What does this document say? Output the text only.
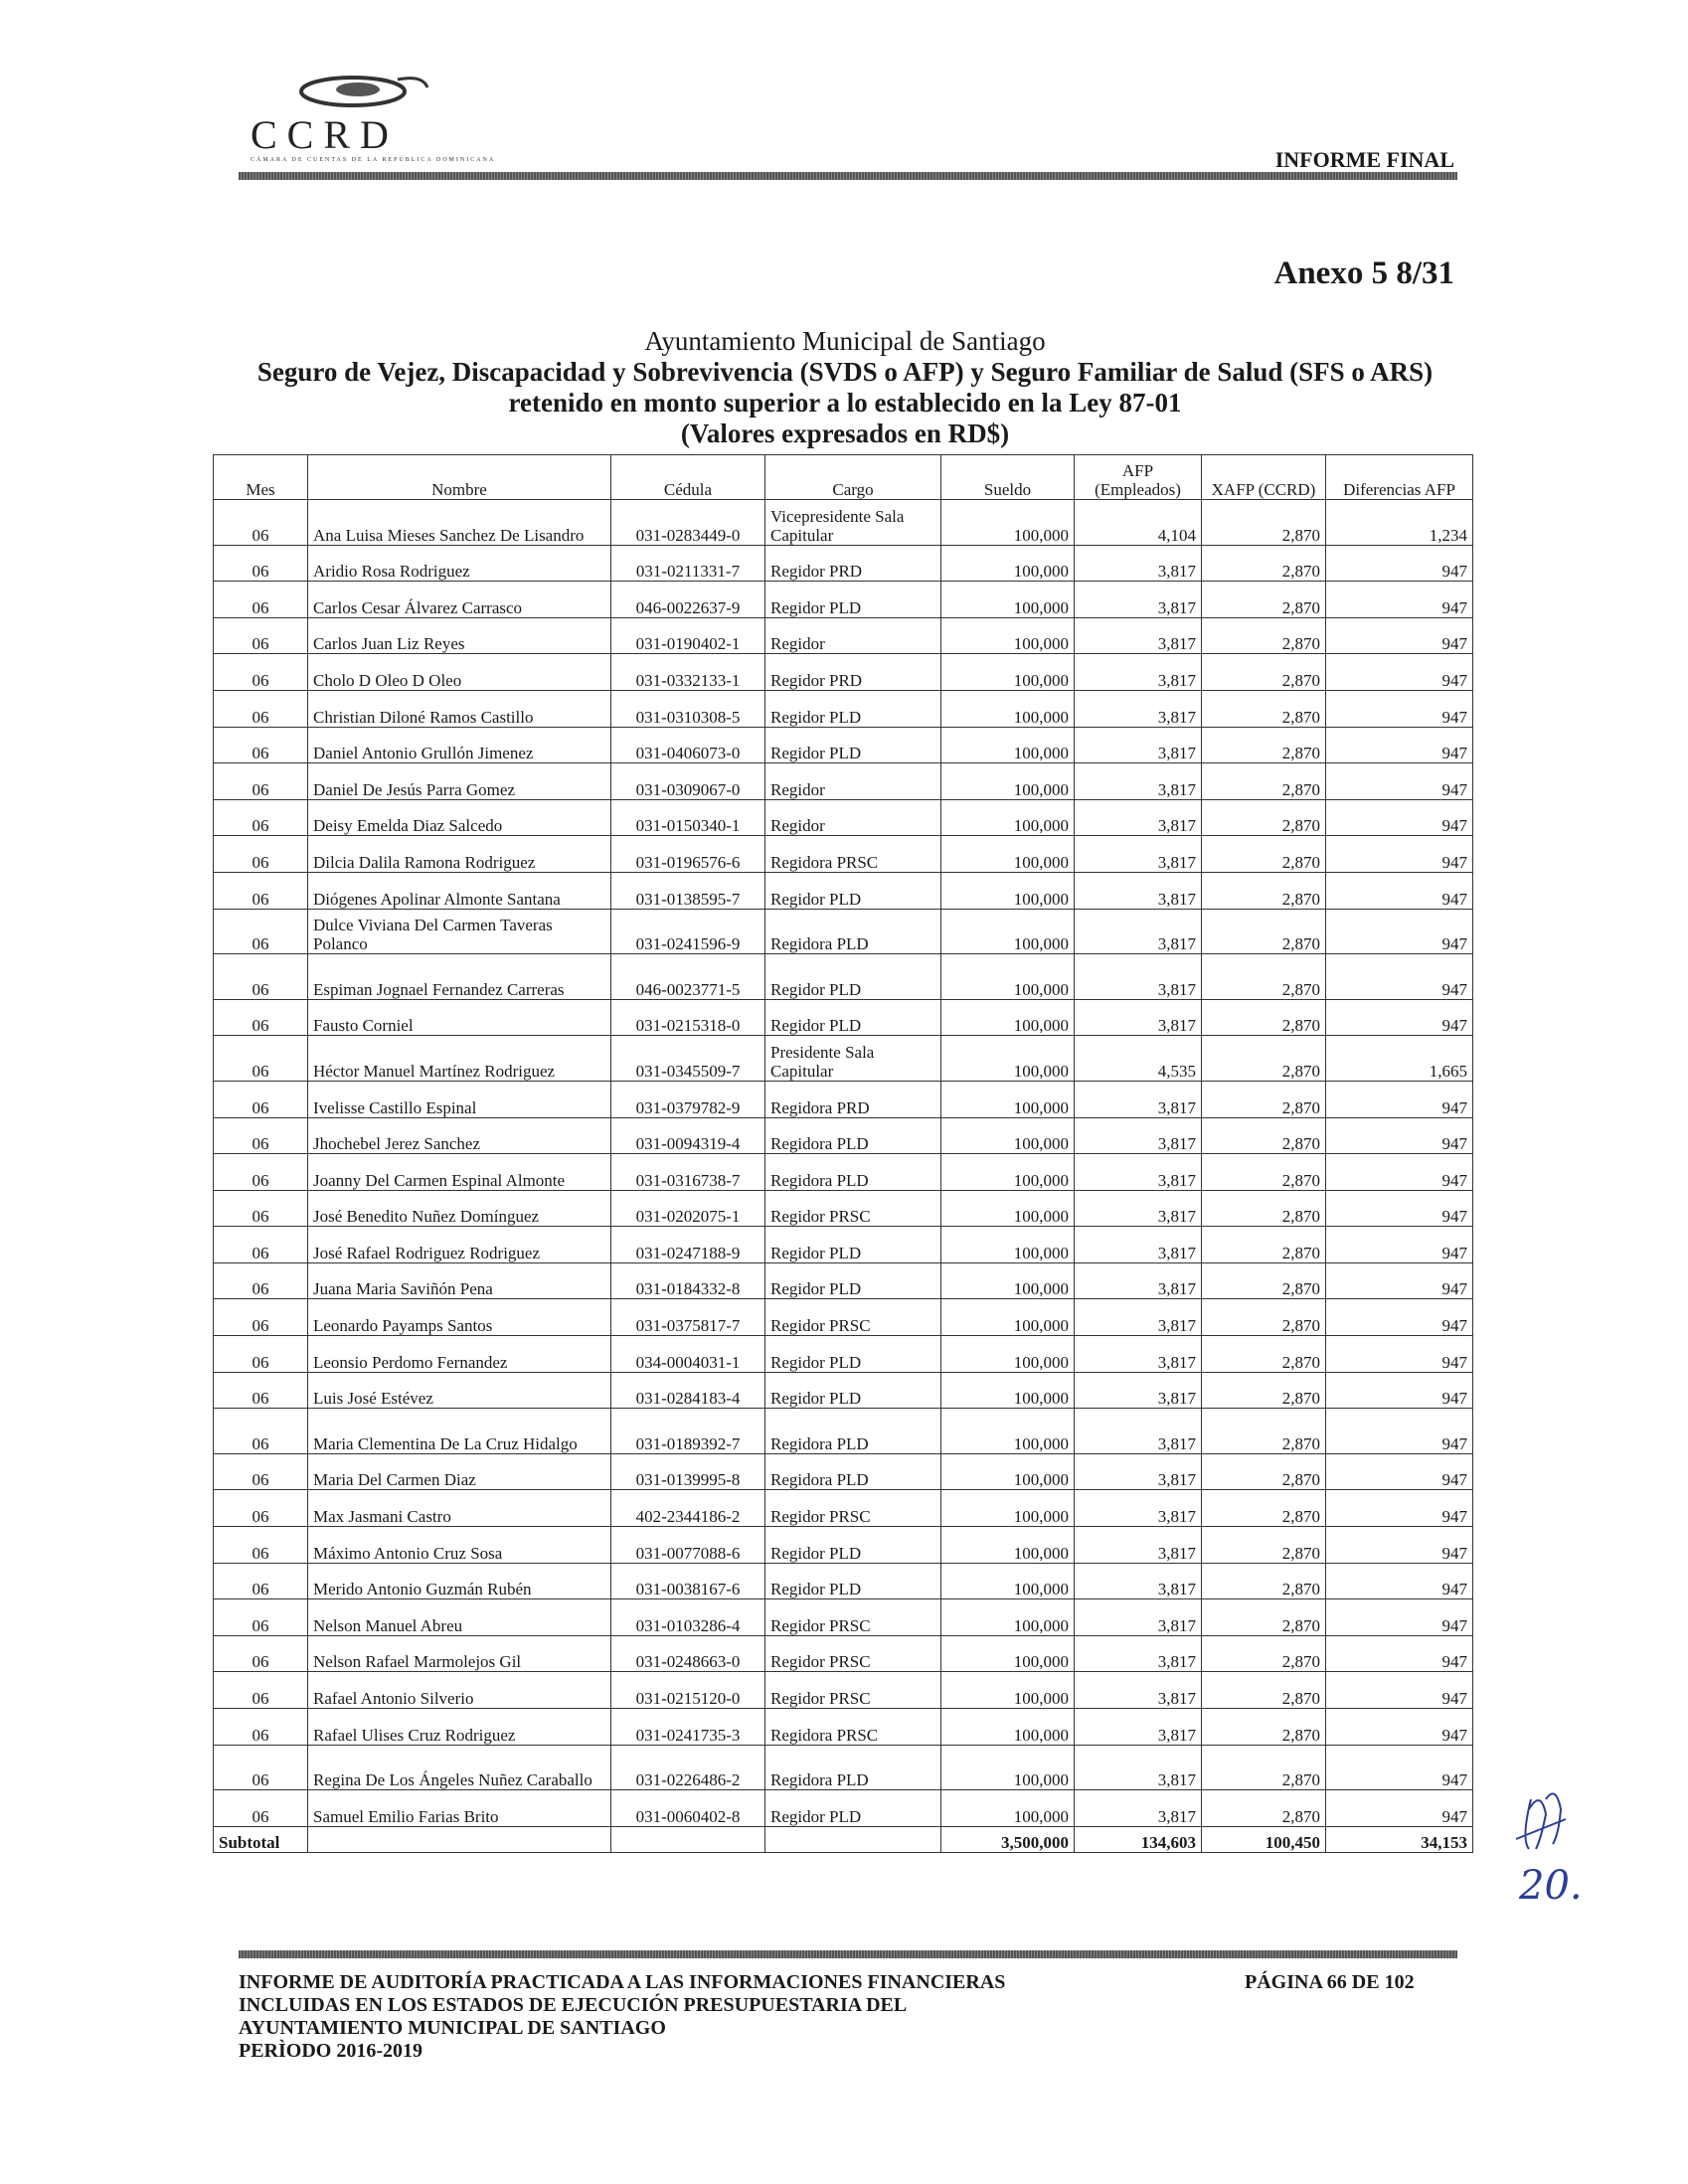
CCRD
CÁMARA DE CUENTAS DE LA REPÚBLICA DOMINICANA	INFORME FINAL
Anexo 5 8/31
Ayuntamiento Municipal de Santiago
Seguro de Vejez, Discapacidad y Sobrevivencia (SVDS o AFP) y Seguro Familiar de Salud (SFS o ARS)
retenido en monto superior a lo establecido en la Ley 87-01
(Valores expresados en RD$)
Mes	Nombre	Cédula	Cargo	Sueldo	AFP (Empleados)	XAFP (CCRD)	Diferencias AFP
06	Ana Luisa Mieses Sanchez De Lisandro	031-0283449-0	Vicepresidente Sala Capitular	100,000	4,104	2,870	1,234
06	Aridio Rosa Rodriguez	031-0211331-7	Regidor PRD	100,000	3,817	2,870	947
06	Carlos Cesar Álvarez Carrasco	046-0022637-9	Regidor PLD	100,000	3,817	2,870	947
06	Carlos Juan Liz Reyes	031-0190402-1	Regidor	100,000	3,817	2,870	947
06	Cholo D Oleo D Oleo	031-0332133-1	Regidor PRD	100,000	3,817	2,870	947
06	Christian Diloné Ramos Castillo	031-0310308-5	Regidor PLD	100,000	3,817	2,870	947
06	Daniel Antonio Grullón Jimenez	031-0406073-0	Regidor PLD	100,000	3,817	2,870	947
06	Daniel De Jesús Parra Gomez	031-0309067-0	Regidor	100,000	3,817	2,870	947
06	Deisy Emelda Diaz Salcedo	031-0150340-1	Regidor	100,000	3,817	2,870	947
06	Dilcia Dalila Ramona Rodriguez	031-0196576-6	Regidora PRSC	100,000	3,817	2,870	947
06	Diógenes Apolinar Almonte Santana	031-0138595-7	Regidor PLD	100,000	3,817	2,870	947
06	Dulce Viviana Del Carmen Taveras Polanco	031-0241596-9	Regidora PLD	100,000	3,817	2,870	947
06	Espiman Jognael Fernandez Carreras	046-0023771-5	Regidor PLD	100,000	3,817	2,870	947
06	Fausto Corniel	031-0215318-0	Regidor PLD	100,000	3,817	2,870	947
06	Héctor Manuel Martínez Rodriguez	031-0345509-7	Presidente Sala Capitular	100,000	4,535	2,870	1,665
06	Ivelisse Castillo Espinal	031-0379782-9	Regidora PRD	100,000	3,817	2,870	947
06	Jhochebel Jerez Sanchez	031-0094319-4	Regidora PLD	100,000	3,817	2,870	947
06	Joanny Del Carmen Espinal Almonte	031-0316738-7	Regidora PLD	100,000	3,817	2,870	947
06	José Benedito Nuñez Domínguez	031-0202075-1	Regidor PRSC	100,000	3,817	2,870	947
06	José Rafael Rodriguez Rodriguez	031-0247188-9	Regidor PLD	100,000	3,817	2,870	947
06	Juana Maria Saviñón Pena	031-0184332-8	Regidor PLD	100,000	3,817	2,870	947
06	Leonardo Payamps Santos	031-0375817-7	Regidor PRSC	100,000	3,817	2,870	947
06	Leonsio Perdomo Fernandez	034-0004031-1	Regidor PLD	100,000	3,817	2,870	947
06	Luis José Estévez	031-0284183-4	Regidor PLD	100,000	3,817	2,870	947
06	Maria Clementina De La Cruz Hidalgo	031-0189392-7	Regidora PLD	100,000	3,817	2,870	947
06	Maria Del Carmen Diaz	031-0139995-8	Regidora PLD	100,000	3,817	2,870	947
06	Max Jasmani Castro	402-2344186-2	Regidor PRSC	100,000	3,817	2,870	947
06	Máximo Antonio Cruz Sosa	031-0077088-6	Regidor PLD	100,000	3,817	2,870	947
06	Merido Antonio Guzmán Rubén	031-0038167-6	Regidor PLD	100,000	3,817	2,870	947
06	Nelson Manuel Abreu	031-0103286-4	Regidor PRSC	100,000	3,817	2,870	947
06	Nelson Rafael Marmolejos Gil	031-0248663-0	Regidor PRSC	100,000	3,817	2,870	947
06	Rafael Antonio Silverio	031-0215120-0	Regidor PRSC	100,000	3,817	2,870	947
06	Rafael Ulises Cruz Rodriguez	031-0241735-3	Regidora PRSC	100,000	3,817	2,870	947
06	Regina De Los Ángeles Nuñez Caraballo	031-0226486-2	Regidora PLD	100,000	3,817	2,870	947
06	Samuel Emilio Farias Brito	031-0060402-8	Regidor PLD	100,000	3,817	2,870	947
Subtotal				3,500,000	134,603	100,450	34,153
20.
INFORME DE AUDITORÍA PRACTICADA A LAS INFORMACIONES FINANCIERAS
INCLUIDAS EN LOS ESTADOS DE EJECUCIÓN PRESUPUESTARIA DEL
AYUNTAMIENTO MUNICIPAL DE SANTIAGO
PERÌODO 2016-2019
PÁGINA 66 DE 102
